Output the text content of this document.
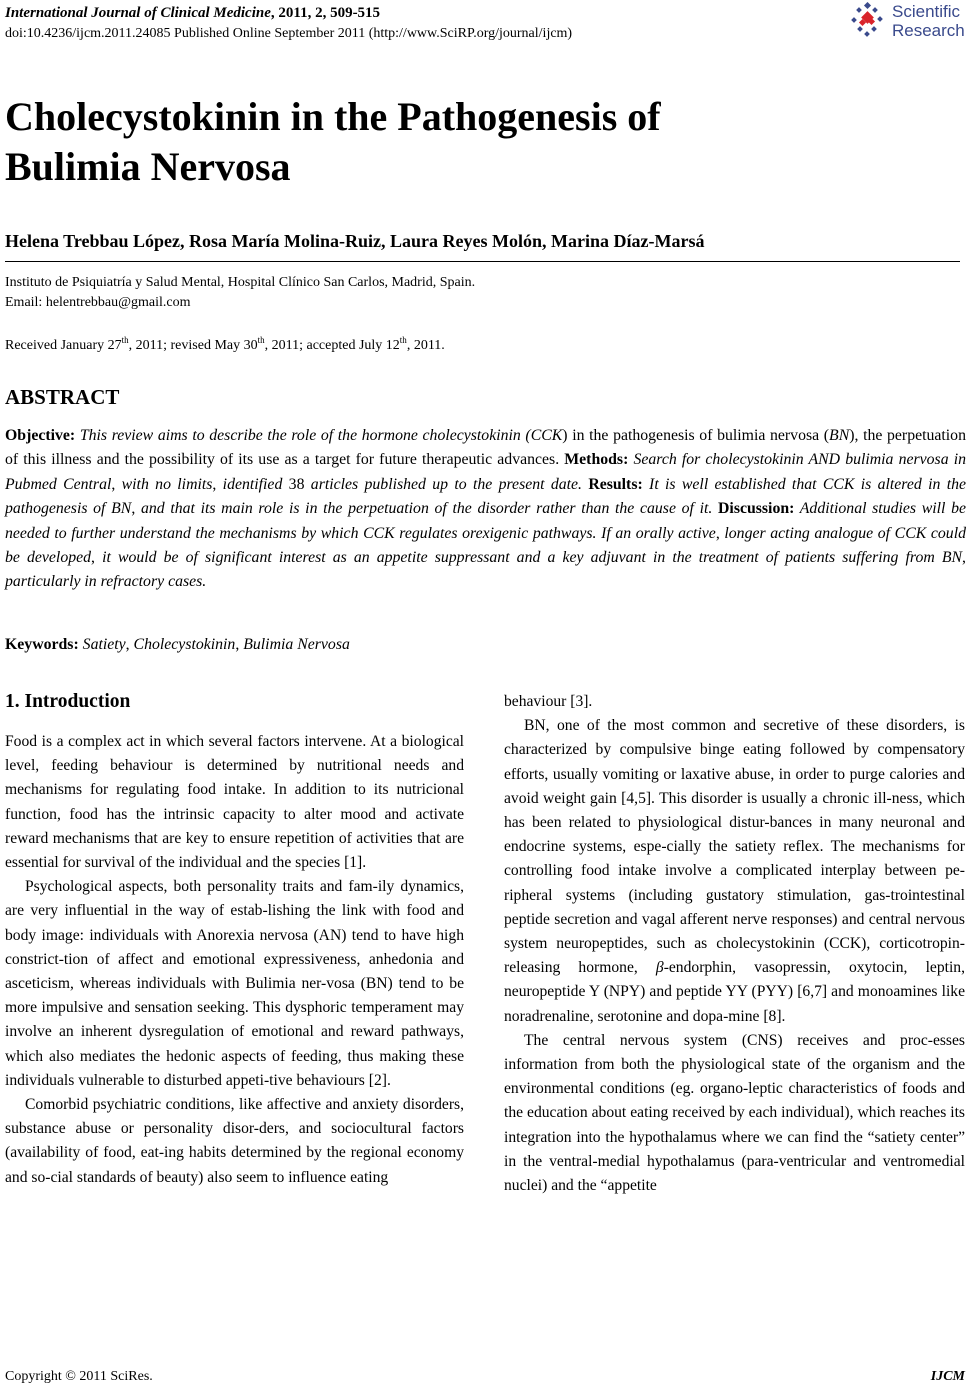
International Journal of Clinical Medicine, 2011, 2, 509-515
doi:10.4236/ijcm.2011.24085 Published Online September 2011 (http://www.SciRP.org/journal/ijcm)
Scientific
Research
Cholecystokinin in the Pathogenesis of
Bulimia Nervosa
Helena Trebbau López, Rosa María Molina-Ruiz, Laura Reyes Molón, Marina Díaz-Marsá
Instituto de Psiquiatría y Salud Mental, Hospital Clínico San Carlos, Madrid, Spain.
Email: helentrebbau@gmail.com
Received January 27th, 2011; revised May 30th, 2011; accepted July 12th, 2011.
ABSTRACT

Objective: This review aims to describe the role of the hormone cholecystokinin (CCK) in the pathogenesis of bulimia nervosa (BN), the perpetuation of this illness and the possibility of its use as a target for future therapeutic advances. Methods: Search for cholecystokinin AND bulimia nervosa in Pubmed Central, with no limits, identified 38 articles published up to the present date. Results: It is well established that CCK is altered in the pathogenesis of BN, and that its main role is in the perpetuation of the disorder rather than the cause of it. Discussion: Additional studies will be needed to further understand the mechanisms by which CCK regulates orexigenic pathways. If an orally active, longer acting analogue of CCK could be developed, it would be of significant interest as an appetite suppressant and a key adjuvant in the treatment of patients suffering from BN, particularly in refractory cases.

Keywords: Satiety, Cholecystokinin, Bulimia Nervosa
1. Introduction

Food is a complex act in which several factors intervene. At a biological level, feeding behaviour is determined by nutritional needs and mechanisms for regulating food intake. In addition to its nutricional function, food has the intrinsic capacity to alter mood and activate reward mechanisms that are key to ensure repetition of activities that are essential for survival of the individual and the species [1].

Psychological aspects, both personality traits and fam-ily dynamics, are very influential in the way of estab-lishing the link with food and body image: individuals with Anorexia nervosa (AN) tend to have high constrict-tion of affect and emotional expressiveness, anhedonia and asceticism, whereas individuals with Bulimia ner-vosa (BN) tend to be more impulsive and sensation seeking. This dysphoric temperament may involve an inherent dysregulation of emotional and reward pathways, which also mediates the hedonic aspects of feeding, thus making these individuals vulnerable to disturbed appeti-tive behaviours [2].

Comorbid psychiatric conditions, like affective and anxiety disorders, substance abuse or personality disor-ders, and sociocultural factors (availability of food, eat-ing habits determined by the regional economy and so-cial standards of beauty) also seem to influence eating

behaviour [3].

BN, one of the most common and secretive of these disorders, is characterized by compulsive binge eating followed by compensatory efforts, usually vomiting or laxative abuse, in order to purge calories and avoid weight gain [4,5]. This disorder is usually a chronic ill-ness, which has been related to physiological distur-bances in many neuronal and endocrine systems, espe-cially the satiety reflex. The mechanisms for controlling food intake involve a complicated interplay between pe-ripheral systems (including gustatory stimulation, gas-trointestinal peptide secretion and vagal afferent nerve responses) and central nervous system neuropeptides, such as cholecystokinin (CCK), corticotropin-releasing hormone, β-endorphin, vasopressin, oxytocin, leptin, neuropeptide Y (NPY) and peptide YY (PYY) [6,7] and monoamines like noradrenaline, serotonine and dopa-mine [8].

The central nervous system (CNS) receives and proc-esses information from both the physiological state of the organism and the environmental conditions (eg. organo-leptic characteristics of foods and the education about eating received by each individual), which reaches its integration into the hypothalamus where we can find the “satiety center” in the ventral-medial hypothalamus (para-ventricular and ventromedial nuclei) and the “appetite

Copyright © 2011 SciRes.	IJCM
